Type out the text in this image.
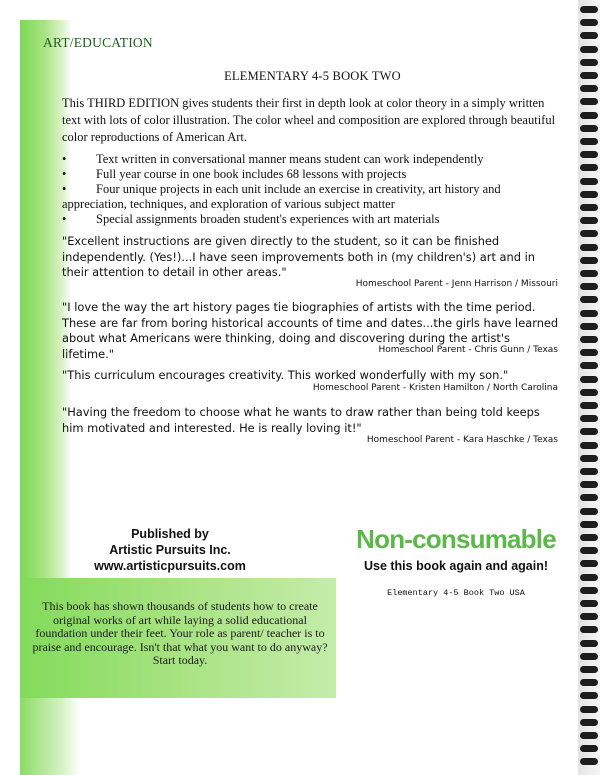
ART/EDUCATION
ELEMENTARY 4-5 BOOK TWO
This THIRD EDITION gives students their first in depth look at color theory in a simply written text with lots of color illustration. The color wheel and composition are explored through beautiful color reproductions of American Art.
• Text written in conversational manner means student can work independently
• Full year course in one book includes 68 lessons with projects
• Four unique projects in each unit include an exercise in creativity, art history and appreciation, techniques, and exploration of various subject matter
• Special assignments broaden student's experiences with art materials
"Excellent instructions are given directly to the student, so it can be finished independently. (Yes!)...I have seen improvements both in (my children's) art and in their attention to detail in other areas."
Homeschool Parent - Jenn Harrison / Missouri
"I love the way the art history pages tie biographies of artists with the time period. These are far from boring historical accounts of time and dates...the girls have learned about what Americans were thinking, doing and discovering during the artist's lifetime."	Homeschool Parent - Chris Gunn / Texas
"This curriculum encourages creativity. This worked wonderfully with my son."
Homeschool Parent - Kristen Hamilton / North Carolina
"Having the freedom to choose what he wants to draw rather than being told keeps him motivated and interested. He is really loving it!"
Homeschool Parent - Kara Haschke / Texas
Published by
Artistic Pursuits Inc.
www.artisticpursuits.com
Non-consumable
Use this book again and again!
Elementary 4-5 Book Two USA
This book has shown thousands of students how to create original works of art while laying a solid educational foundation under their feet. Your role as parent/ teacher is to praise and encourage. Isn't that what you want to do anyway? Start today.
